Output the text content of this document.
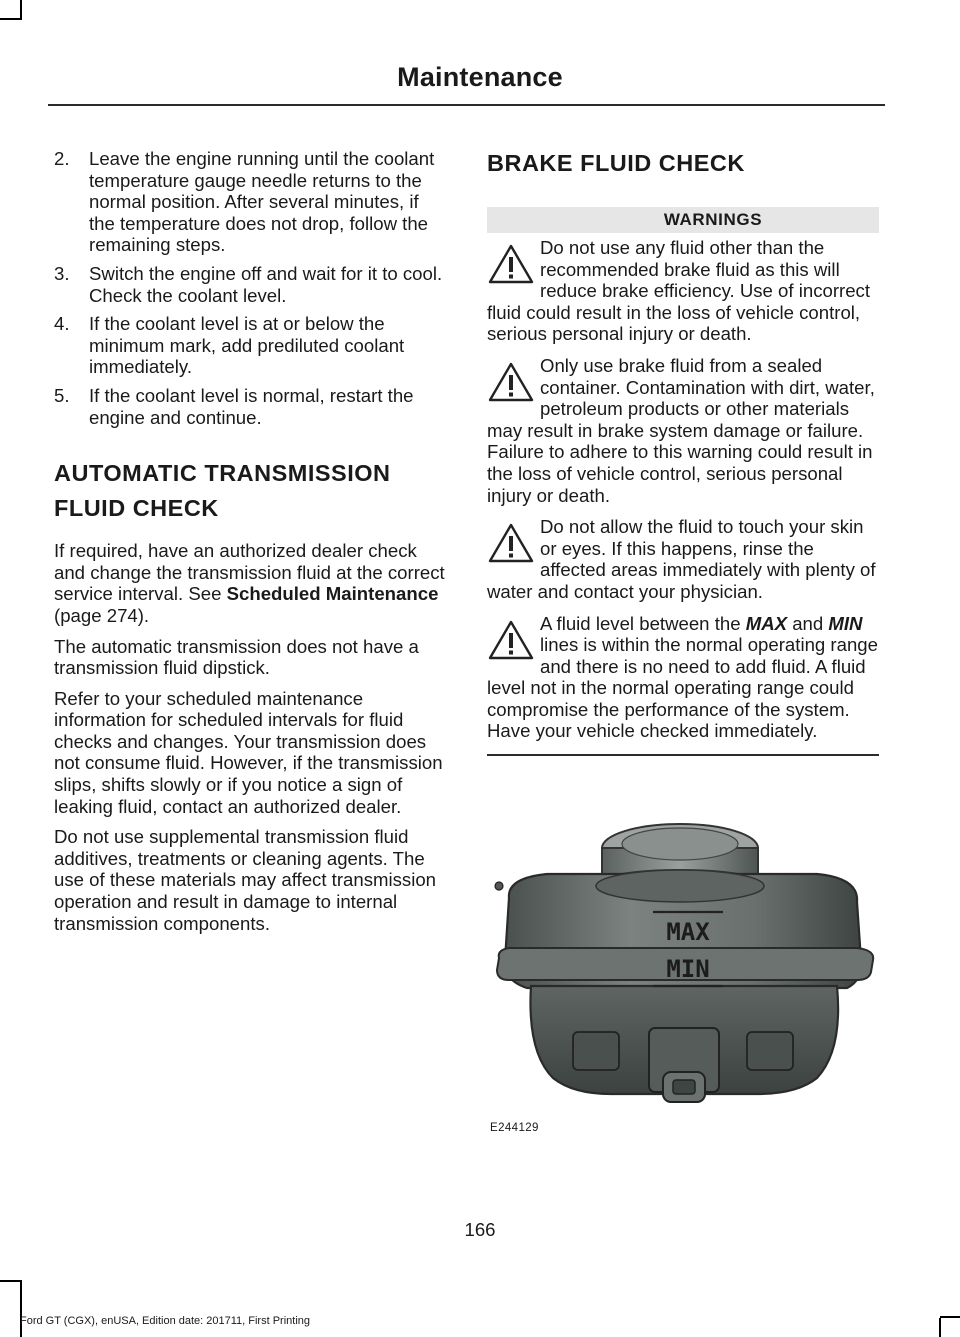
Maintenance
2. Leave the engine running until the coolant temperature gauge needle returns to the normal position. After several minutes, if the temperature does not drop, follow the remaining steps.
3. Switch the engine off and wait for it to cool. Check the coolant level.
4. If the coolant level is at or below the minimum mark, add prediluted coolant immediately.
5. If the coolant level is normal, restart the engine and continue.
AUTOMATIC TRANSMISSION
FLUID CHECK

If required, have an authorized dealer check and change the transmission fluid at the correct service interval. See Scheduled Maintenance (page 274).

The automatic transmission does not have a transmission fluid dipstick.

Refer to your scheduled maintenance information for scheduled intervals for fluid checks and changes. Your transmission does not consume fluid. However, if the transmission slips, shifts slowly or if you notice a sign of leaking fluid, contact an authorized dealer.

Do not use supplemental transmission fluid additives, treatments or cleaning agents. The use of these materials may affect transmission operation and result in damage to internal transmission components.

BRAKE FLUID CHECK
WARNINGS

Do not use any fluid other than the recommended brake fluid as this will reduce brake efficiency. Use of incorrect fluid could result in the loss of vehicle control, serious personal injury or death.

Only use brake fluid from a sealed container. Contamination with dirt, water, petroleum products or other materials may result in brake system damage or failure. Failure to adhere to this warning could result in the loss of vehicle control, serious personal injury or death.

Do not allow the fluid to touch your skin or eyes. If this happens, rinse the affected areas immediately with plenty of water and contact your physician.

A fluid level between the MAX and MIN lines is within the normal operating range and there is no need to add fluid. A fluid level not in the normal operating range could compromise the performance of the system. Have your vehicle checked immediately.

MAX
MIN
E244129
166
Ford GT (CGX), enUSA, Edition date: 201711, First Printing
